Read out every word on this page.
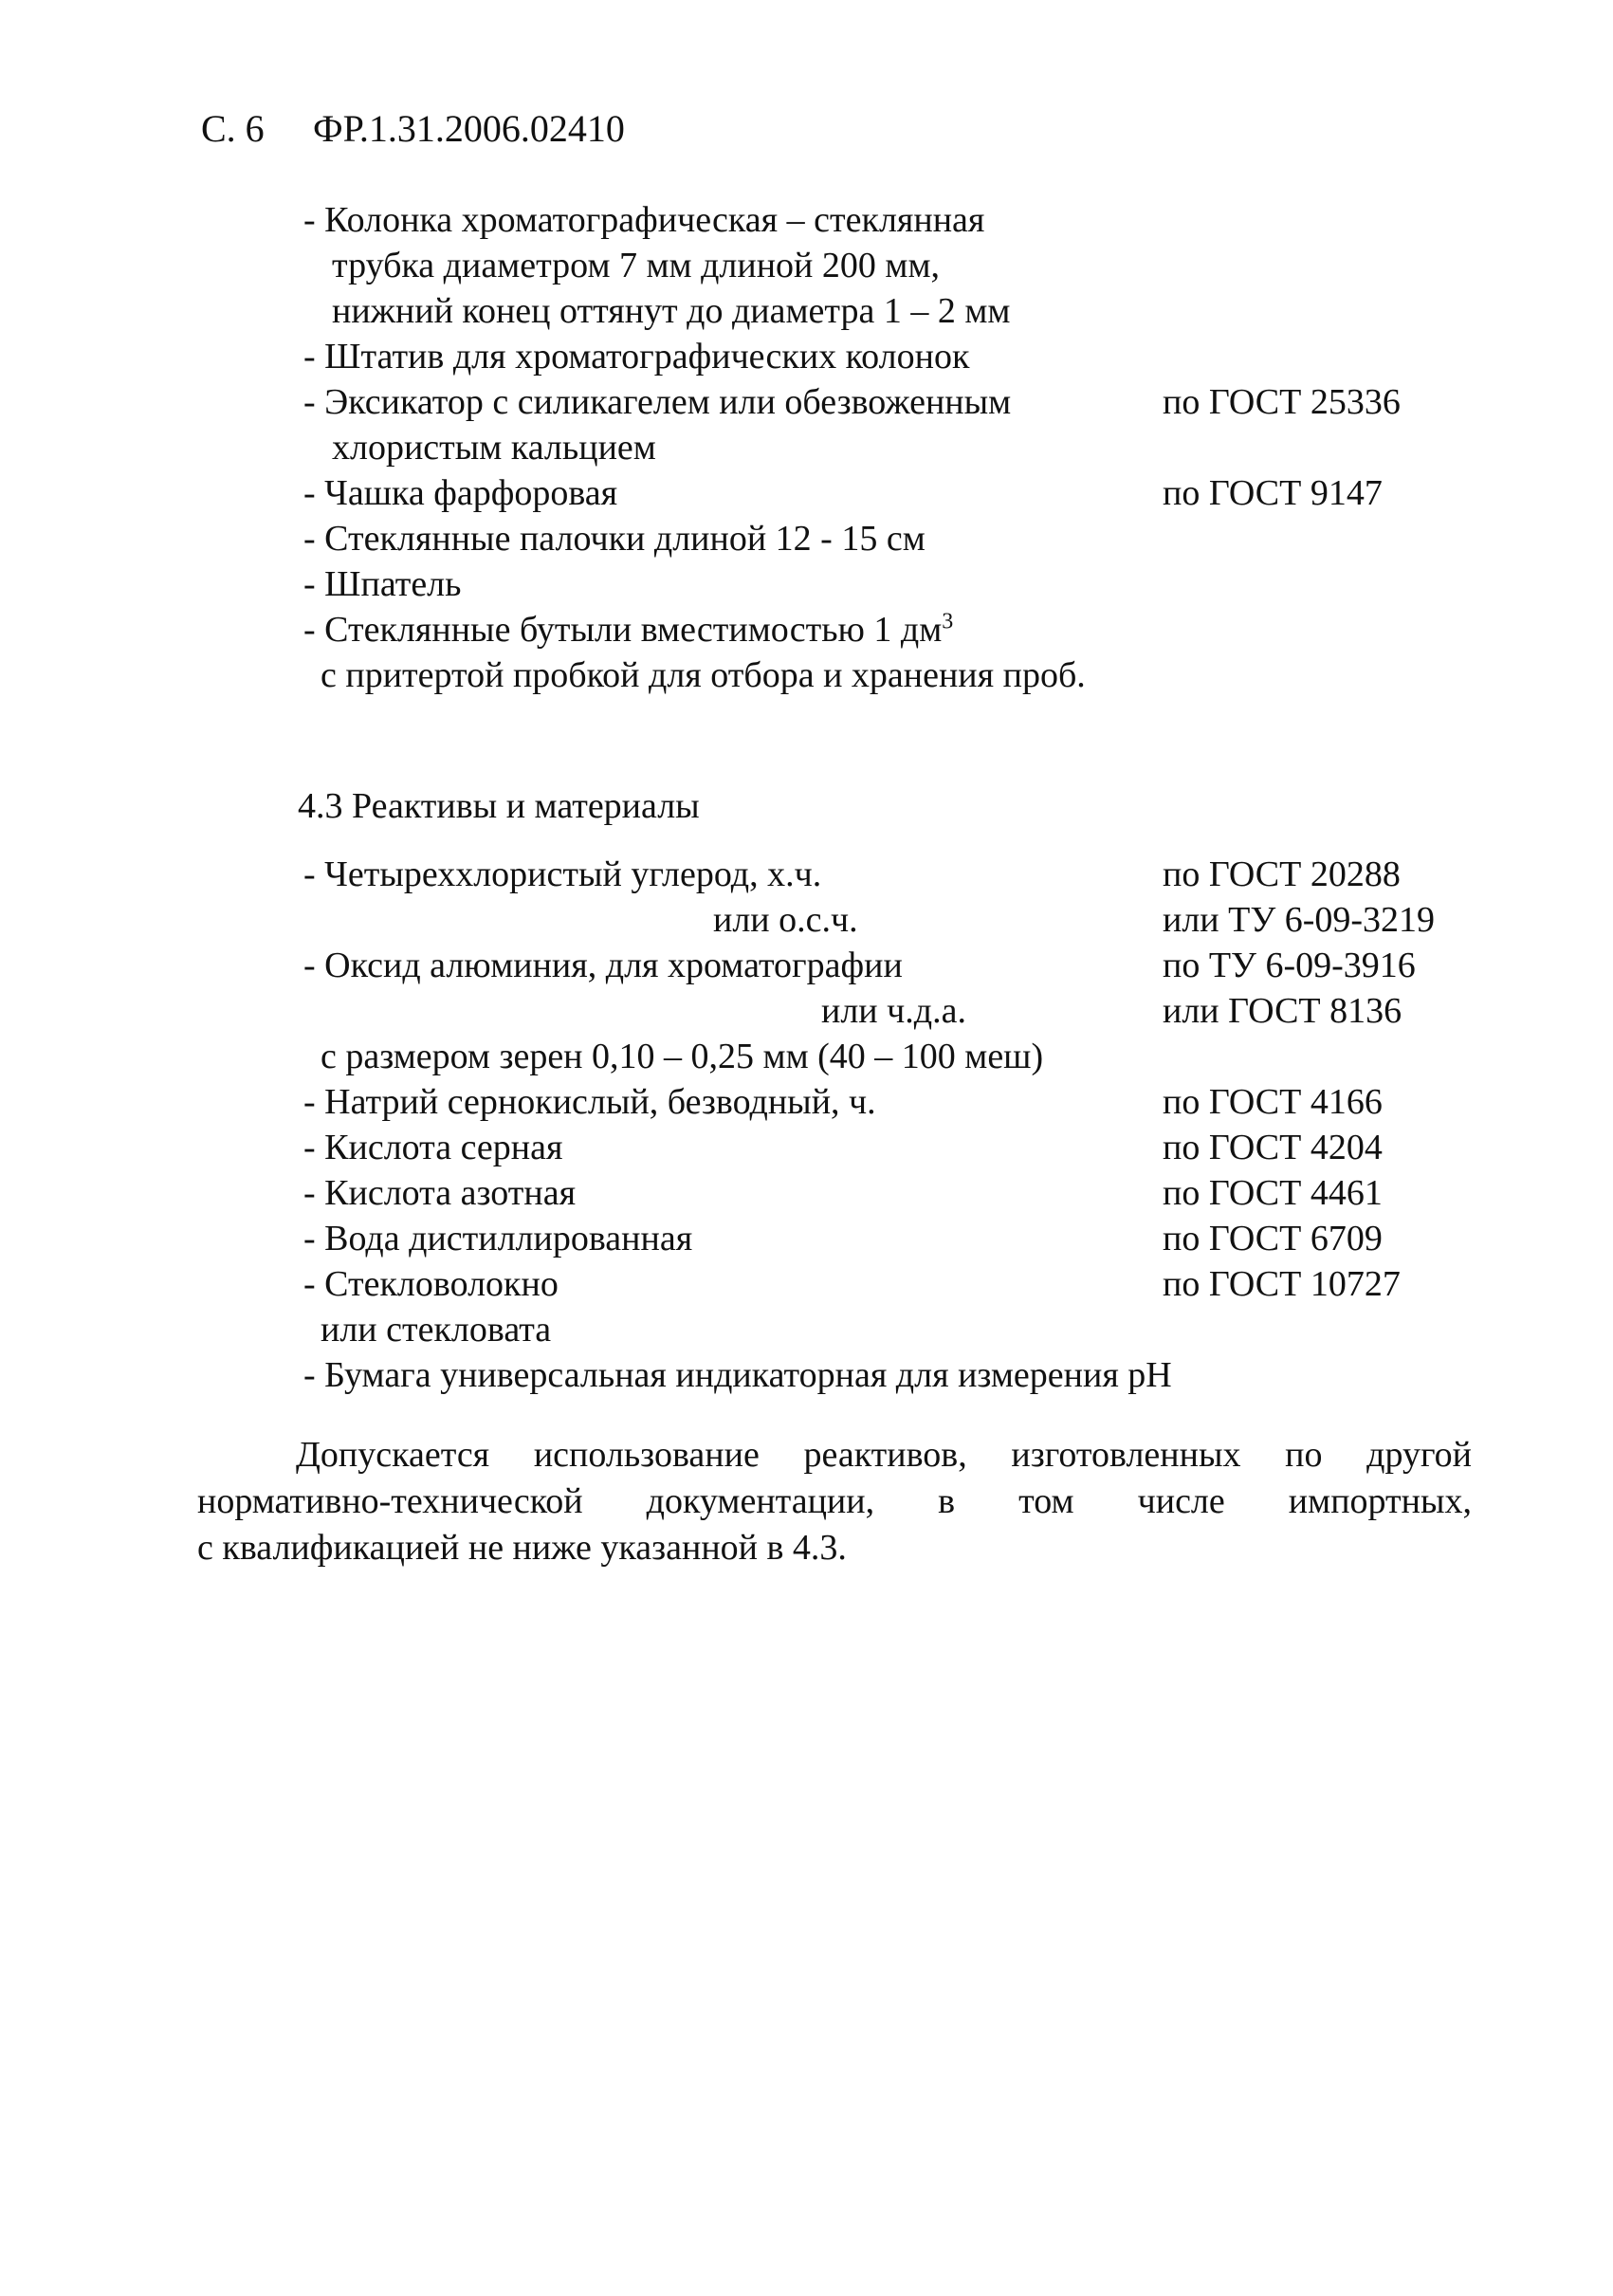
С. 6 ФР.1.31.2006.02410
- Колонка хроматографическая – стеклянная
трубка диаметром 7 мм длиной 200 мм,
нижний конец оттянут до диаметра 1 – 2 мм
- Штатив для хроматографических колонок
- Эксикатор с силикагелем или обезвоженным	по ГОСТ 25336
хлористым кальцием
- Чашка фарфоровая	по ГОСТ 9147
- Стеклянные палочки длиной 12 - 15 см
- Шпатель
- Стеклянные бутыли вместимостью 1 $дм^3$
с притертой пробкой для отбора и хранения проб.
4.3 Реактивы и материалы
- Четыреххлористый углерод, х.ч.	по ГОСТ 20288
или о.с.ч.	или ТУ 6-09-3219
- Оксид алюминия, для хроматографии	по ТУ 6-09-3916
или ч.д.а.	или ГОСТ 8136
с размером зерен 0,10 – 0,25 мм (40 – 100 меш)
- Натрий сернокислый, безводный, ч.	по ГОСТ 4166
- Кислота серная	по ГОСТ 4204
- Кислота азотная	по ГОСТ 4461
- Вода дистиллированная	по ГОСТ 6709
- Стекловолокно	по ГОСТ 10727
или стекловата
- Бумага универсальная индикаторная для измерения pH
Допускается использование реактивов, изготовленных по другой
нормативно-технической документации, в том числе импортных,
с квалификацией не ниже указанной в 4.3.
